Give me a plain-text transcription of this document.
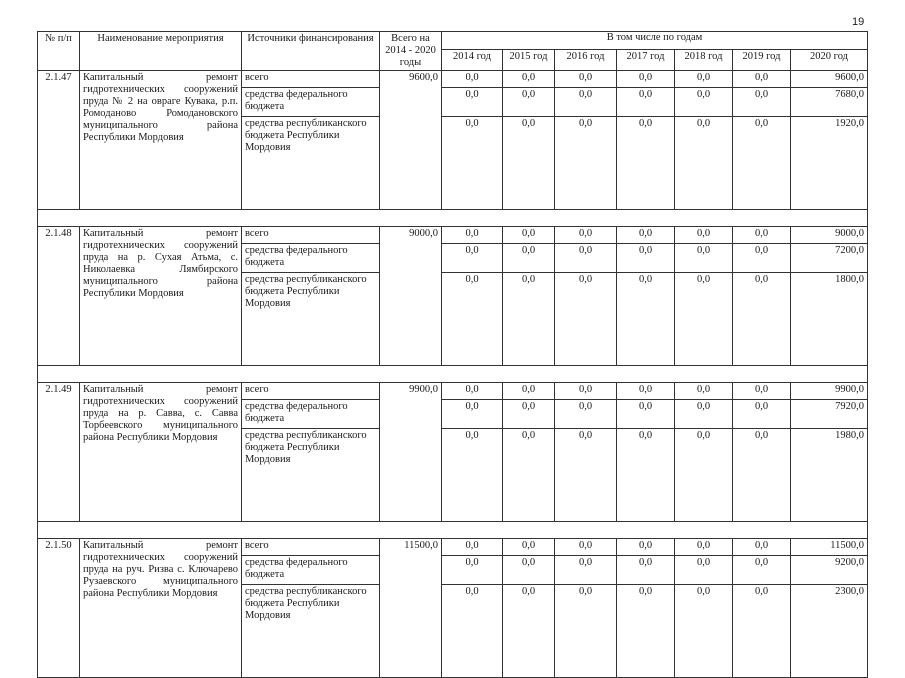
19
№ п/п	Наименование мероприятия	Источники финансирования	Всего на 2014 - 2020 годы	В том числе по годам						
				2014 год	2015 год	2016 год	2017 год	2018 год	2019 год	2020 год
2.1.47	Капитальный ремонт гидротехнических сооружений пруда № 2 на овраге Кувака, р.п. Ромоданово Ромодановского муниципального района Республики Мордовия	всего	9600,0	0,0	0,0	0,0	0,0	0,0	0,0	9600,0
		средства федерального бюджета		0,0	0,0	0,0	0,0	0,0	0,0	7680,0
		средства республиканского бюджета Республики Мордовия		0,0	0,0	0,0	0,0	0,0	0,0	1920,0

2.1.48	Капитальный ремонт гидротехнических сооружений пруда на р. Сухая Атьма, с. Николаевка Лямбирского муниципального района Республики Мордовия	всего	9000,0	0,0	0,0	0,0	0,0	0,0	0,0	9000,0
		средства федерального бюджета		0,0	0,0	0,0	0,0	0,0	0,0	7200,0
		средства республиканского бюджета Республики Мордовия		0,0	0,0	0,0	0,0	0,0	0,0	1800,0

2.1.49	Капитальный ремонт гидротехнических сооружений пруда на р. Савва, с. Савва Торбеевского муниципального района Республики Мордовия	всего	9900,0	0,0	0,0	0,0	0,0	0,0	0,0	9900,0
		средства федерального бюджета		0,0	0,0	0,0	0,0	0,0	0,0	7920,0
		средства республиканского бюджета Республики Мордовия		0,0	0,0	0,0	0,0	0,0	0,0	1980,0

2.1.50	Капитальный ремонт гидротехнических сооружений пруда на руч. Ризва с. Ключарево Рузаевского муниципального района Республики Мордовия	всего	11500,0	0,0	0,0	0,0	0,0	0,0	0,0	11500,0
		средства федерального бюджета		0,0	0,0	0,0	0,0	0,0	0,0	9200,0
		средства республиканского бюджета Республики Мордовия		0,0	0,0	0,0	0,0	0,0	0,0	2300,0
